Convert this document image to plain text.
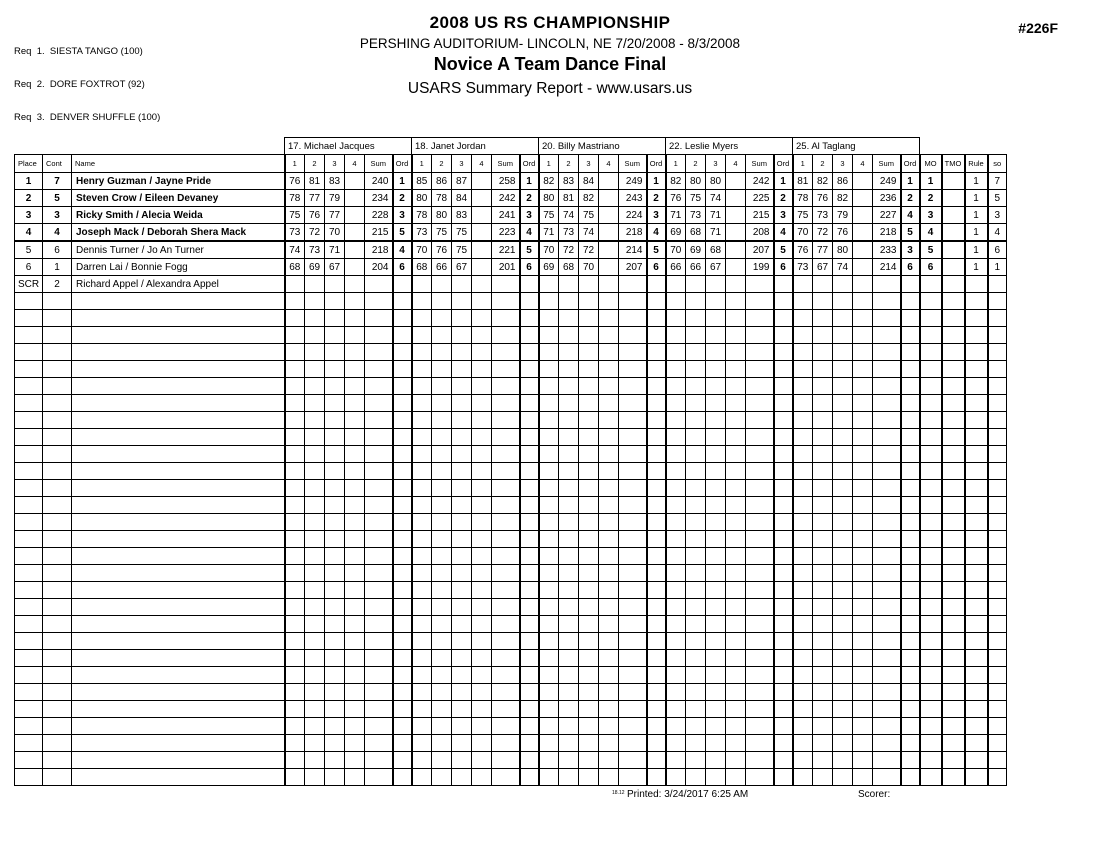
Req  1.  SIESTA TANGO (100)

Req  2.  DORE FOXTROT (92)

Req  3.  DENVER SHUFFLE (100)

2008 US RS CHAMPIONSHIP
PERSHING AUDITORIUM- LINCOLN, NE 7/20/2008 - 8/3/2008
Novice A Team Dance Final
USARS Summary Report - www.usars.us
#226F
			17. Michael Jacques						18. Janet Jordan						20. Billy Mastriano						22. Leslie Myers						25. Al Taglang									
Place	Cont	Name	1	2	3	4	Sum	Ord	1	2	3	4	Sum	Ord	1	2	3	4	Sum	Ord	1	2	3	4	Sum	Ord	1	2	3	4	Sum	Ord	MO	TMO	Rule	so
1	7	Henry Guzman / Jayne Pride	76	81	83		240	1	85	86	87		258	1	82	83	84		249	1	82	80	80		242	1	81	82	86		249	1	1		1	7
2	5	Steven Crow / Eileen Devaney	78	77	79		234	2	80	78	84		242	2	80	81	82		243	2	76	75	74		225	2	78	76	82		236	2	2		1	5
3	3	Ricky Smith / Alecia Weida	75	76	77		228	3	78	80	83		241	3	75	74	75		224	3	71	73	71		215	3	75	73	79		227	4	3		1	3
4	4	Joseph Mack / Deborah Shera Mack	73	72	70		215	5	73	75	75		223	4	71	73	74		218	4	69	68	71		208	4	70	72	76		218	5	4		1	4
5	6	Dennis Turner / Jo An Turner	74	73	71		218	4	70	76	75		221	5	70	72	72		214	5	70	69	68		207	5	76	77	80		233	3	5		1	6
6	1	Darren Lai / Bonnie Fogg	68	69	67		204	6	68	66	67		201	6	69	68	70		207	6	66	66	67		199	6	73	67	74		214	6	6		1	1
SCR	2	Richard Appel / Alexandra Appel																																		

18.12 Printed: 3/24/2017 6:25 AM	Scorer:
